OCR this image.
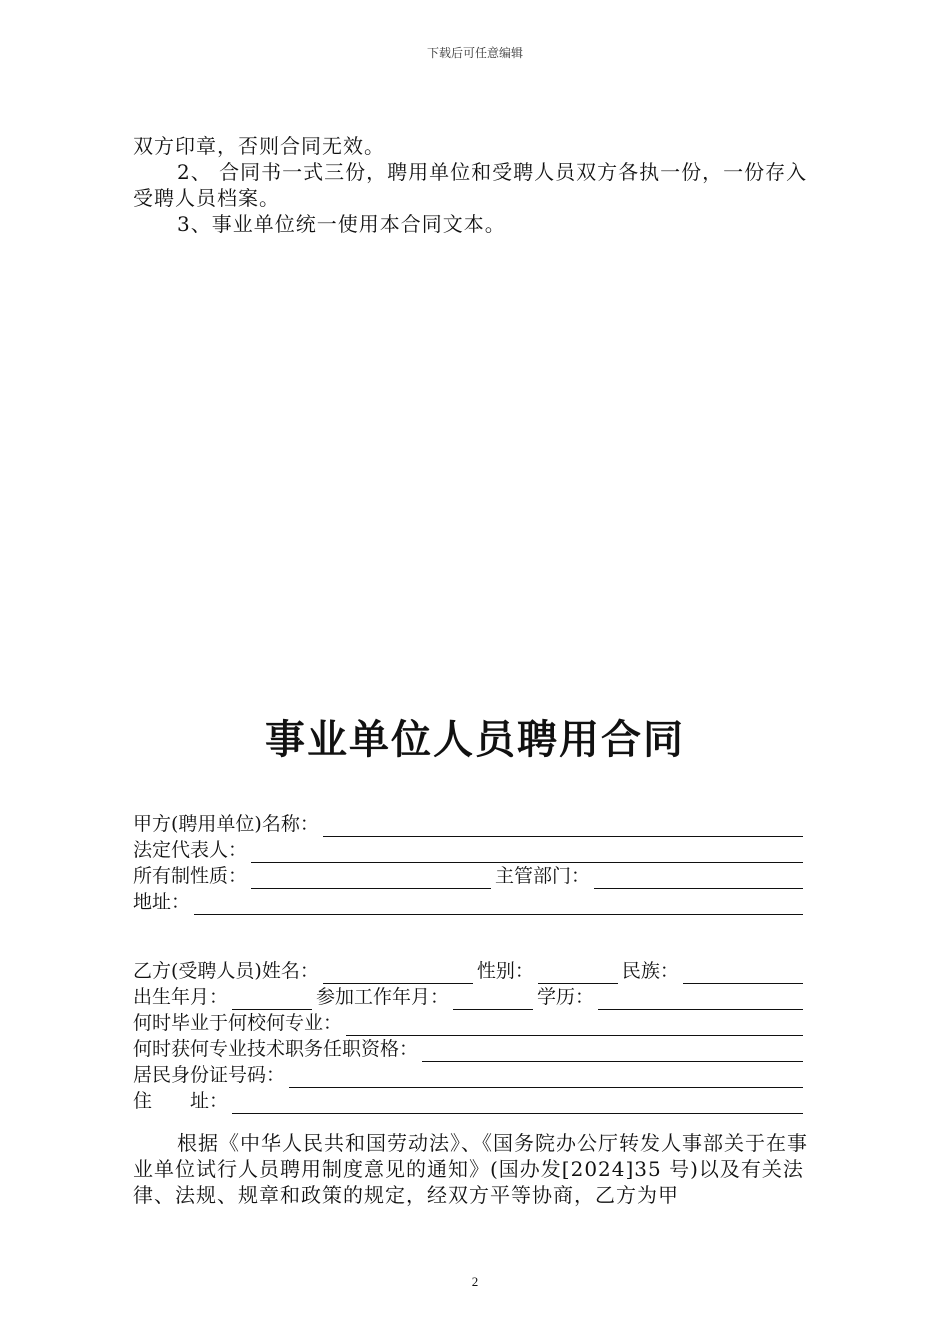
下载后可任意编辑

双方印章，否则合同无效。

2、 合同书一式三份，聘用单位和受聘人员双方各执一份，一份存入受聘人员档案。

3、事业单位统一使用本合同文本。

事业单位人员聘用合同
甲方(聘用单位)名称：
法定代表人：
所有制性质：	主管部门：
地址：
乙方(受聘人员)姓名：	性别：	民族：
出生年月：	参加工作年月：	学历：
何时毕业于何校何专业：
何时获何专业技术职务任职资格：
居民身份证号码：
住　　址：

根据《中华人民共和国劳动法》、《国务院办公厅转发人事部关于在事业单位试行人员聘用制度意见的通知》(国办发[2024]35 号)以及有关法律、法规、规章和政策的规定，经双方平等协商，乙方为甲

2
